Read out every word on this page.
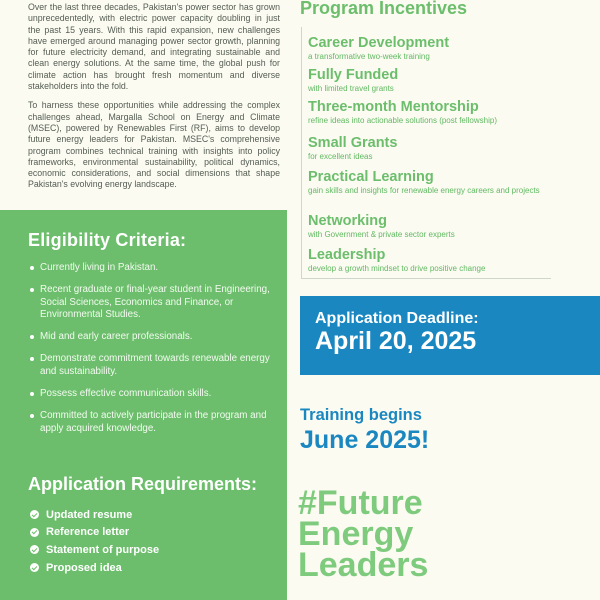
Over the last three decades, Pakistan's power sector has grown unprecedentedly, with electric power capacity doubling in just the past 15 years. With this rapid expansion, new challenges have emerged around managing power sector growth, planning for future electricity demand, and integrating sustainable and clean energy solutions. At the same time, the global push for climate action has brought fresh momentum and diverse stakeholders into the fold.

To harness these opportunities while addressing the complex challenges ahead, Margalla School on Energy and Climate (MSEC), powered by Renewables First (RF), aims to develop future energy leaders for Pakistan. MSEC's comprehensive program combines technical training with insights into policy frameworks, environmental sustainability, political dynamics, economic considerations, and social dimensions that shape Pakistan's evolving energy landscape.

Eligibility Criteria:
Currently living in Pakistan.
Recent graduate or final-year student in Engineering, Social Sciences, Economics and Finance, or Environmental Studies.
Mid and early career professionals.
Demonstrate commitment towards renewable energy and sustainability.
Possess effective communication skills.
Committed to actively participate in the program and apply acquired knowledge.
Application Requirements:
Updated resume
Reference letter
Statement of purpose
Proposed idea
Program Incentives
Career Development
a transformative two-week training
Fully Funded
with limited travel grants
Three-month Mentorship
refine ideas into actionable solutions (post fellowship)
Small Grants
for excellent ideas
Practical Learning
gain skills and insights for renewable energy careers and projects
Networking
with Government & private sector experts
Leadership
develop a growth mindset to drive positive change
Application Deadline:
April 20, 2025
Training begins
June 2025!
#Future
Energy
Leaders
